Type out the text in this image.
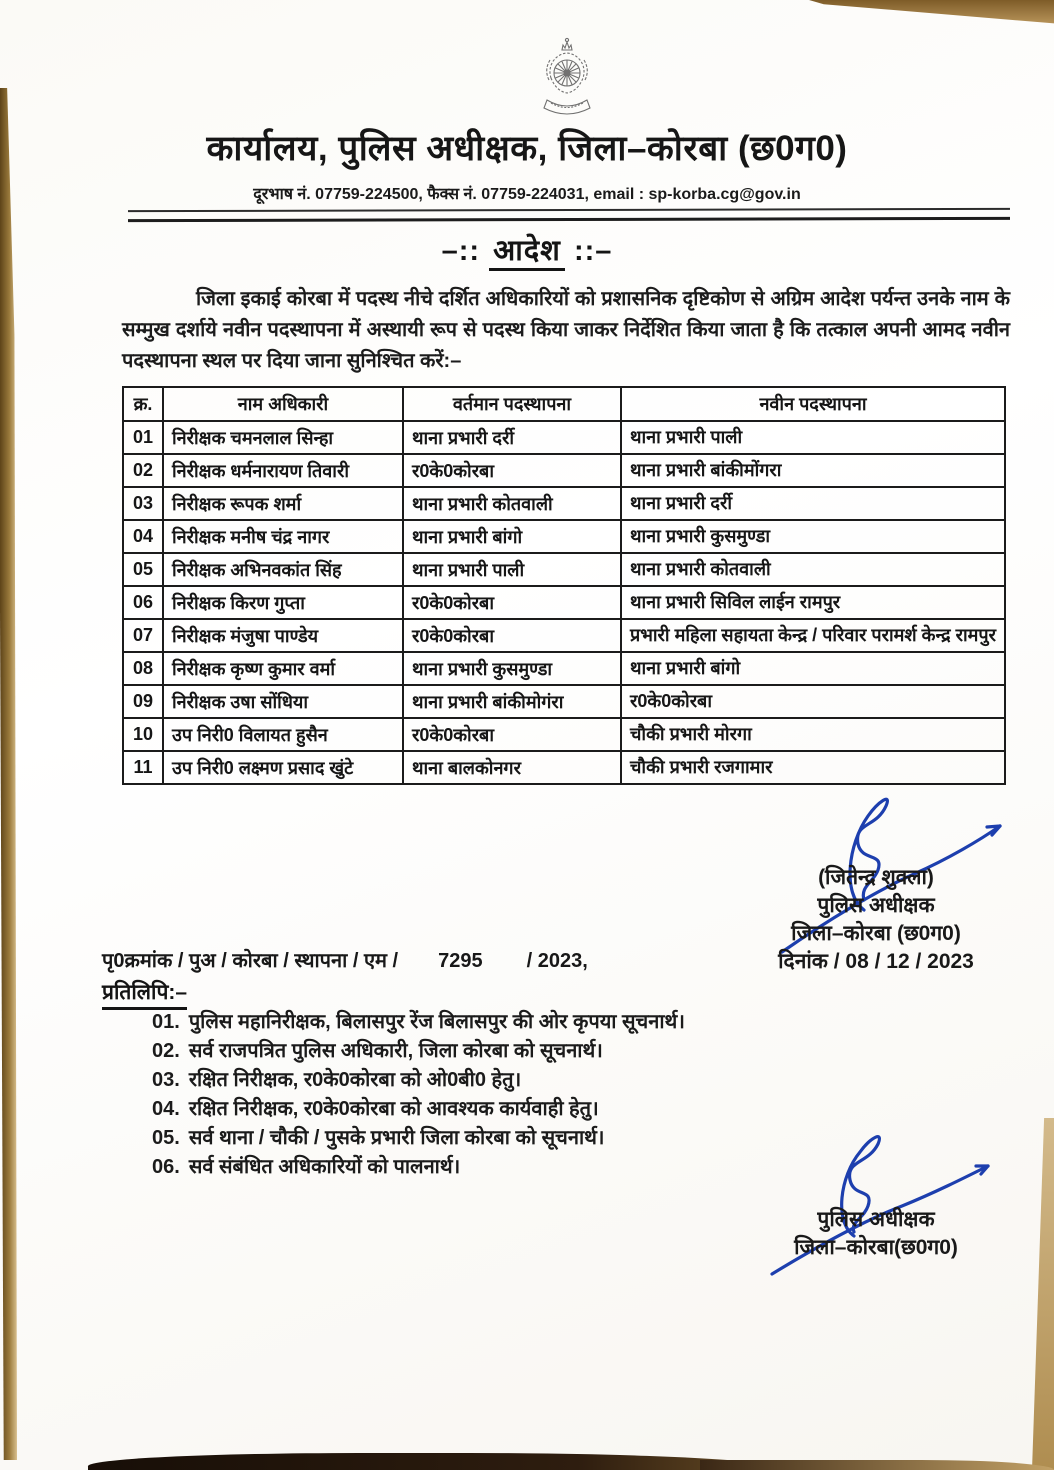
कार्यालय, पुलिस अधीक्षक, जिला–कोरबा (छ0ग0)
दूरभाष नं. 07759-224500, फैक्स नं. 07759-224031, email : sp-korba.cg@gov.in
–:: आदेश ::–

जिला इकाई कोरबा में पदस्थ नीचे दर्शित अधिकारियों को प्रशासनिक दृष्टिकोण से अग्रिम आदेश पर्यन्त उनके नाम के सम्मुख दर्शाये नवीन पदस्थापना में अस्थायी रूप से पदस्थ किया जाकर निर्देशित किया जाता है कि तत्काल अपनी आमद नवीन पदस्थापना स्थल पर दिया जाना सुनिश्चित करें:–

क्र.	नाम अधिकारी	वर्तमान पदस्थापना	नवीन पदस्थापना
01	निरीक्षक चमनलाल सिन्हा	थाना प्रभारी दर्री	थाना प्रभारी पाली
02	निरीक्षक धर्मनारायण तिवारी	र0के0कोरबा	थाना प्रभारी बांकीमोंगरा
03	निरीक्षक रूपक शर्मा	थाना प्रभारी कोतवाली	थाना प्रभारी दर्री
04	निरीक्षक मनीष चंद्र नागर	थाना प्रभारी बांगो	थाना प्रभारी कुसमुण्डा
05	निरीक्षक अभिनवकांत सिंह	थाना प्रभारी पाली	थाना प्रभारी कोतवाली
06	निरीक्षक किरण गुप्ता	र0के0कोरबा	थाना प्रभारी सिविल लाईन रामपुर
07	निरीक्षक मंजुषा पाण्डेय	र0के0कोरबा	प्रभारी महिला सहायता केन्द्र / परिवार परामर्श केन्द्र रामपुर
08	निरीक्षक कृष्ण कुमार वर्मा	थाना प्रभारी कुसमुण्डा	थाना प्रभारी बांगो
09	निरीक्षक उषा सोंधिया	थाना प्रभारी बांकीमोगंरा	र0के0कोरबा
10	उप निरी0 विलायत हुसैन	र0के0कोरबा	चौकी प्रभारी मोरगा
11	उप निरी0 लक्ष्मण प्रसाद खुंटे	थाना बालकोनगर	चौकी प्रभारी रजगामार
(जितेन्द्र शुक्ला)
पुलिस अधीक्षक
जिला–कोरबा (छ0ग0)
दिनांक / 08 / 12 / 2023
पृ0क्रमांक / पुअ / कोरबा / स्थापना / एम / 7295 / 2023,
प्रतिलिपि:–
01. पुलिस महानिरीक्षक, बिलासपुर रेंज बिलासपुर की ओर कृपया सूचनार्थ।
02. सर्व राजपत्रित पुलिस अधिकारी, जिला कोरबा को सूचनार्थ।
03. रक्षित निरीक्षक, र0के0कोरबा को ओ0बी0 हेतु।
04. रक्षित निरीक्षक, र0के0कोरबा को आवश्यक कार्यवाही हेतु।
05. सर्व थाना / चौकी / पुसके प्रभारी जिला कोरबा को सूचनार्थ।
06. सर्व संबंधित अधिकारियों को पालनार्थ।
पुलिस अधीक्षक
जिला–कोरबा(छ0ग0)
